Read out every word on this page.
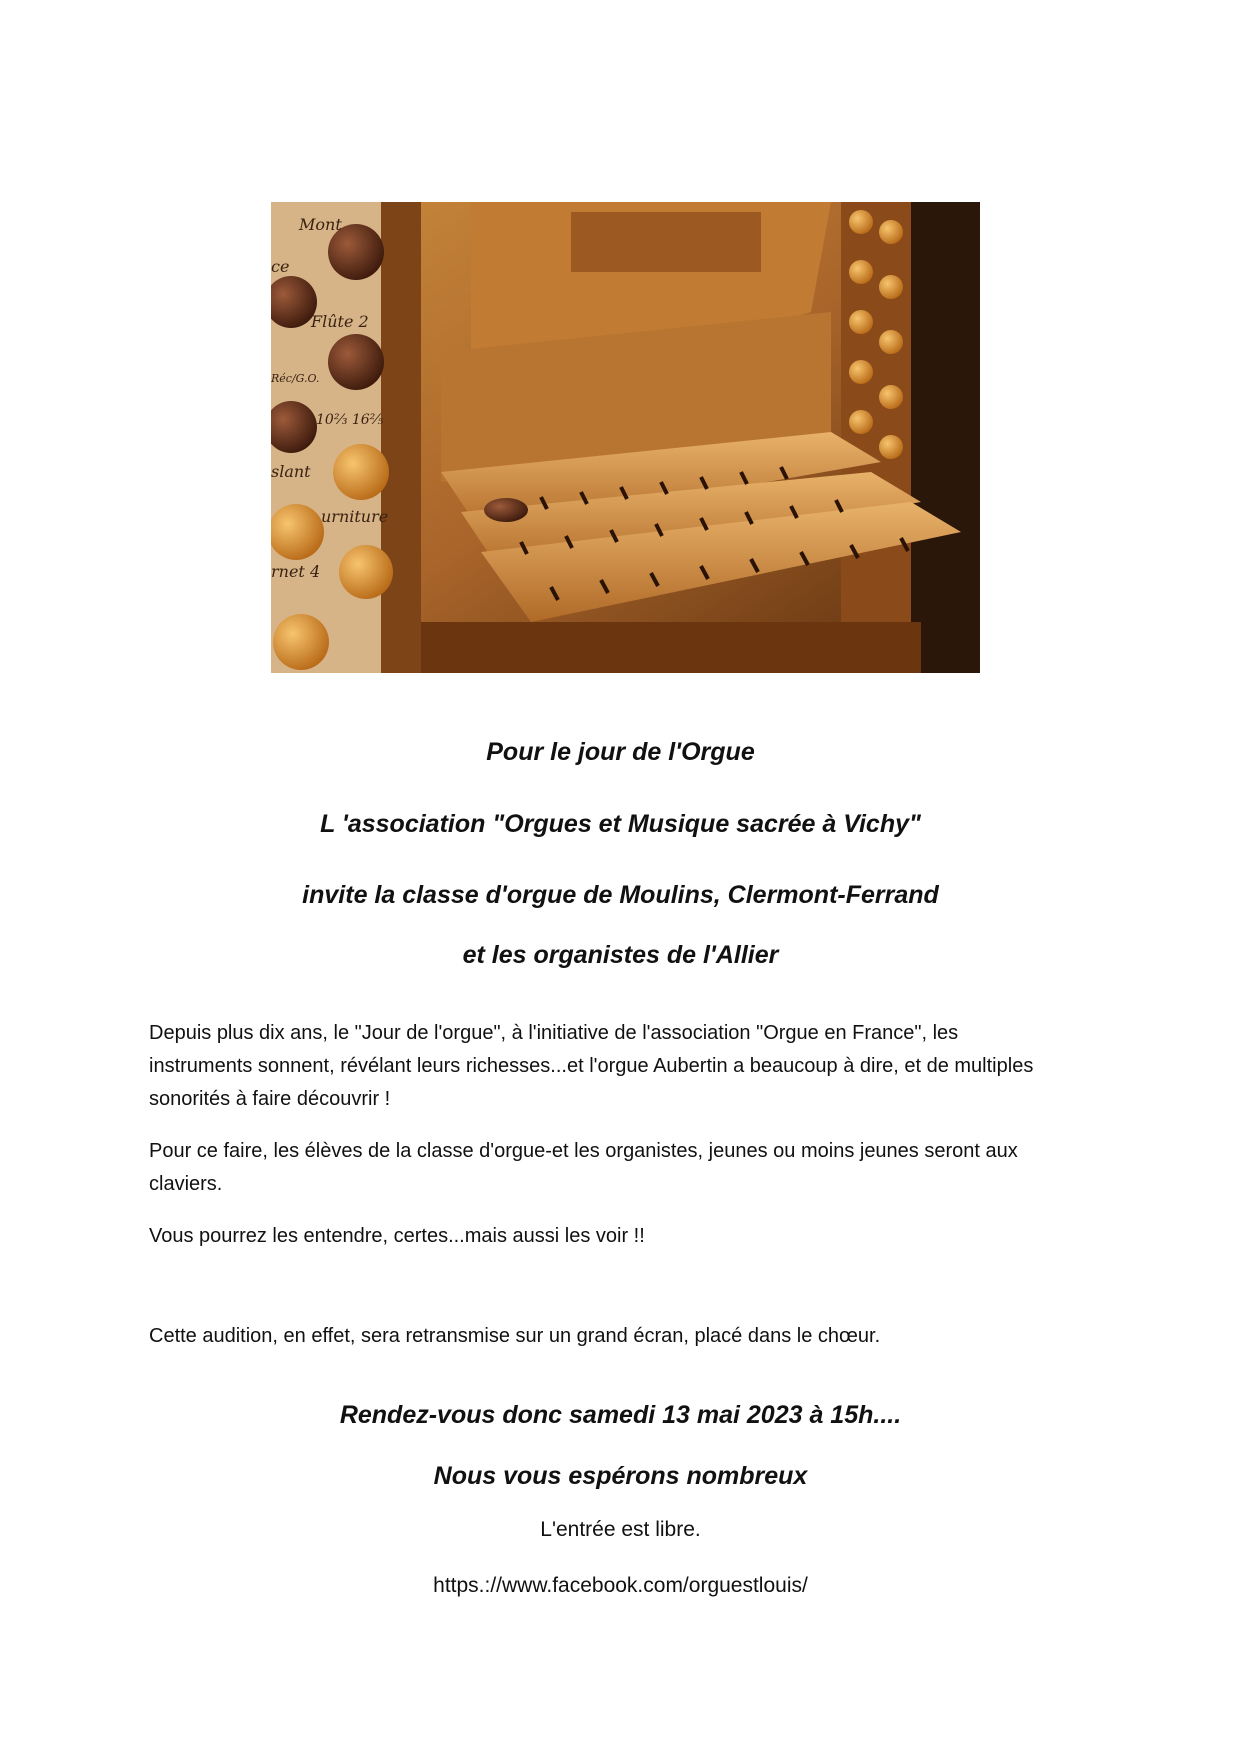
Mont
ce
Flûte 2
Réc/G.O.
10⅔ 16⅖
slant
urniture
rnet 4

Pour le jour de l'Orgue

L 'association "Orgues et Musique sacrée à Vichy"

invite la classe d'orgue de Moulins, Clermont-Ferrand

et les organistes de l'Allier

Depuis plus dix ans, le "Jour de l'orgue", à l'initiative de l'association "Orgue en France", les
instruments sonnent, révélant leurs richesses...et l'orgue Aubertin a beaucoup à dire, et de multiples
sonorités à faire découvrir !

Pour ce faire, les élèves de la classe d'orgue-et les organistes, jeunes ou moins jeunes seront aux
claviers.

Vous pourrez les entendre, certes...mais aussi les voir !!

Cette audition, en effet, sera retransmise sur un grand écran, placé dans le chœur.

Rendez-vous donc samedi 13 mai 2023 à 15h....

Nous vous espérons nombreux

L'entrée est libre.

https.://www.facebook.com/orguestlouis/
